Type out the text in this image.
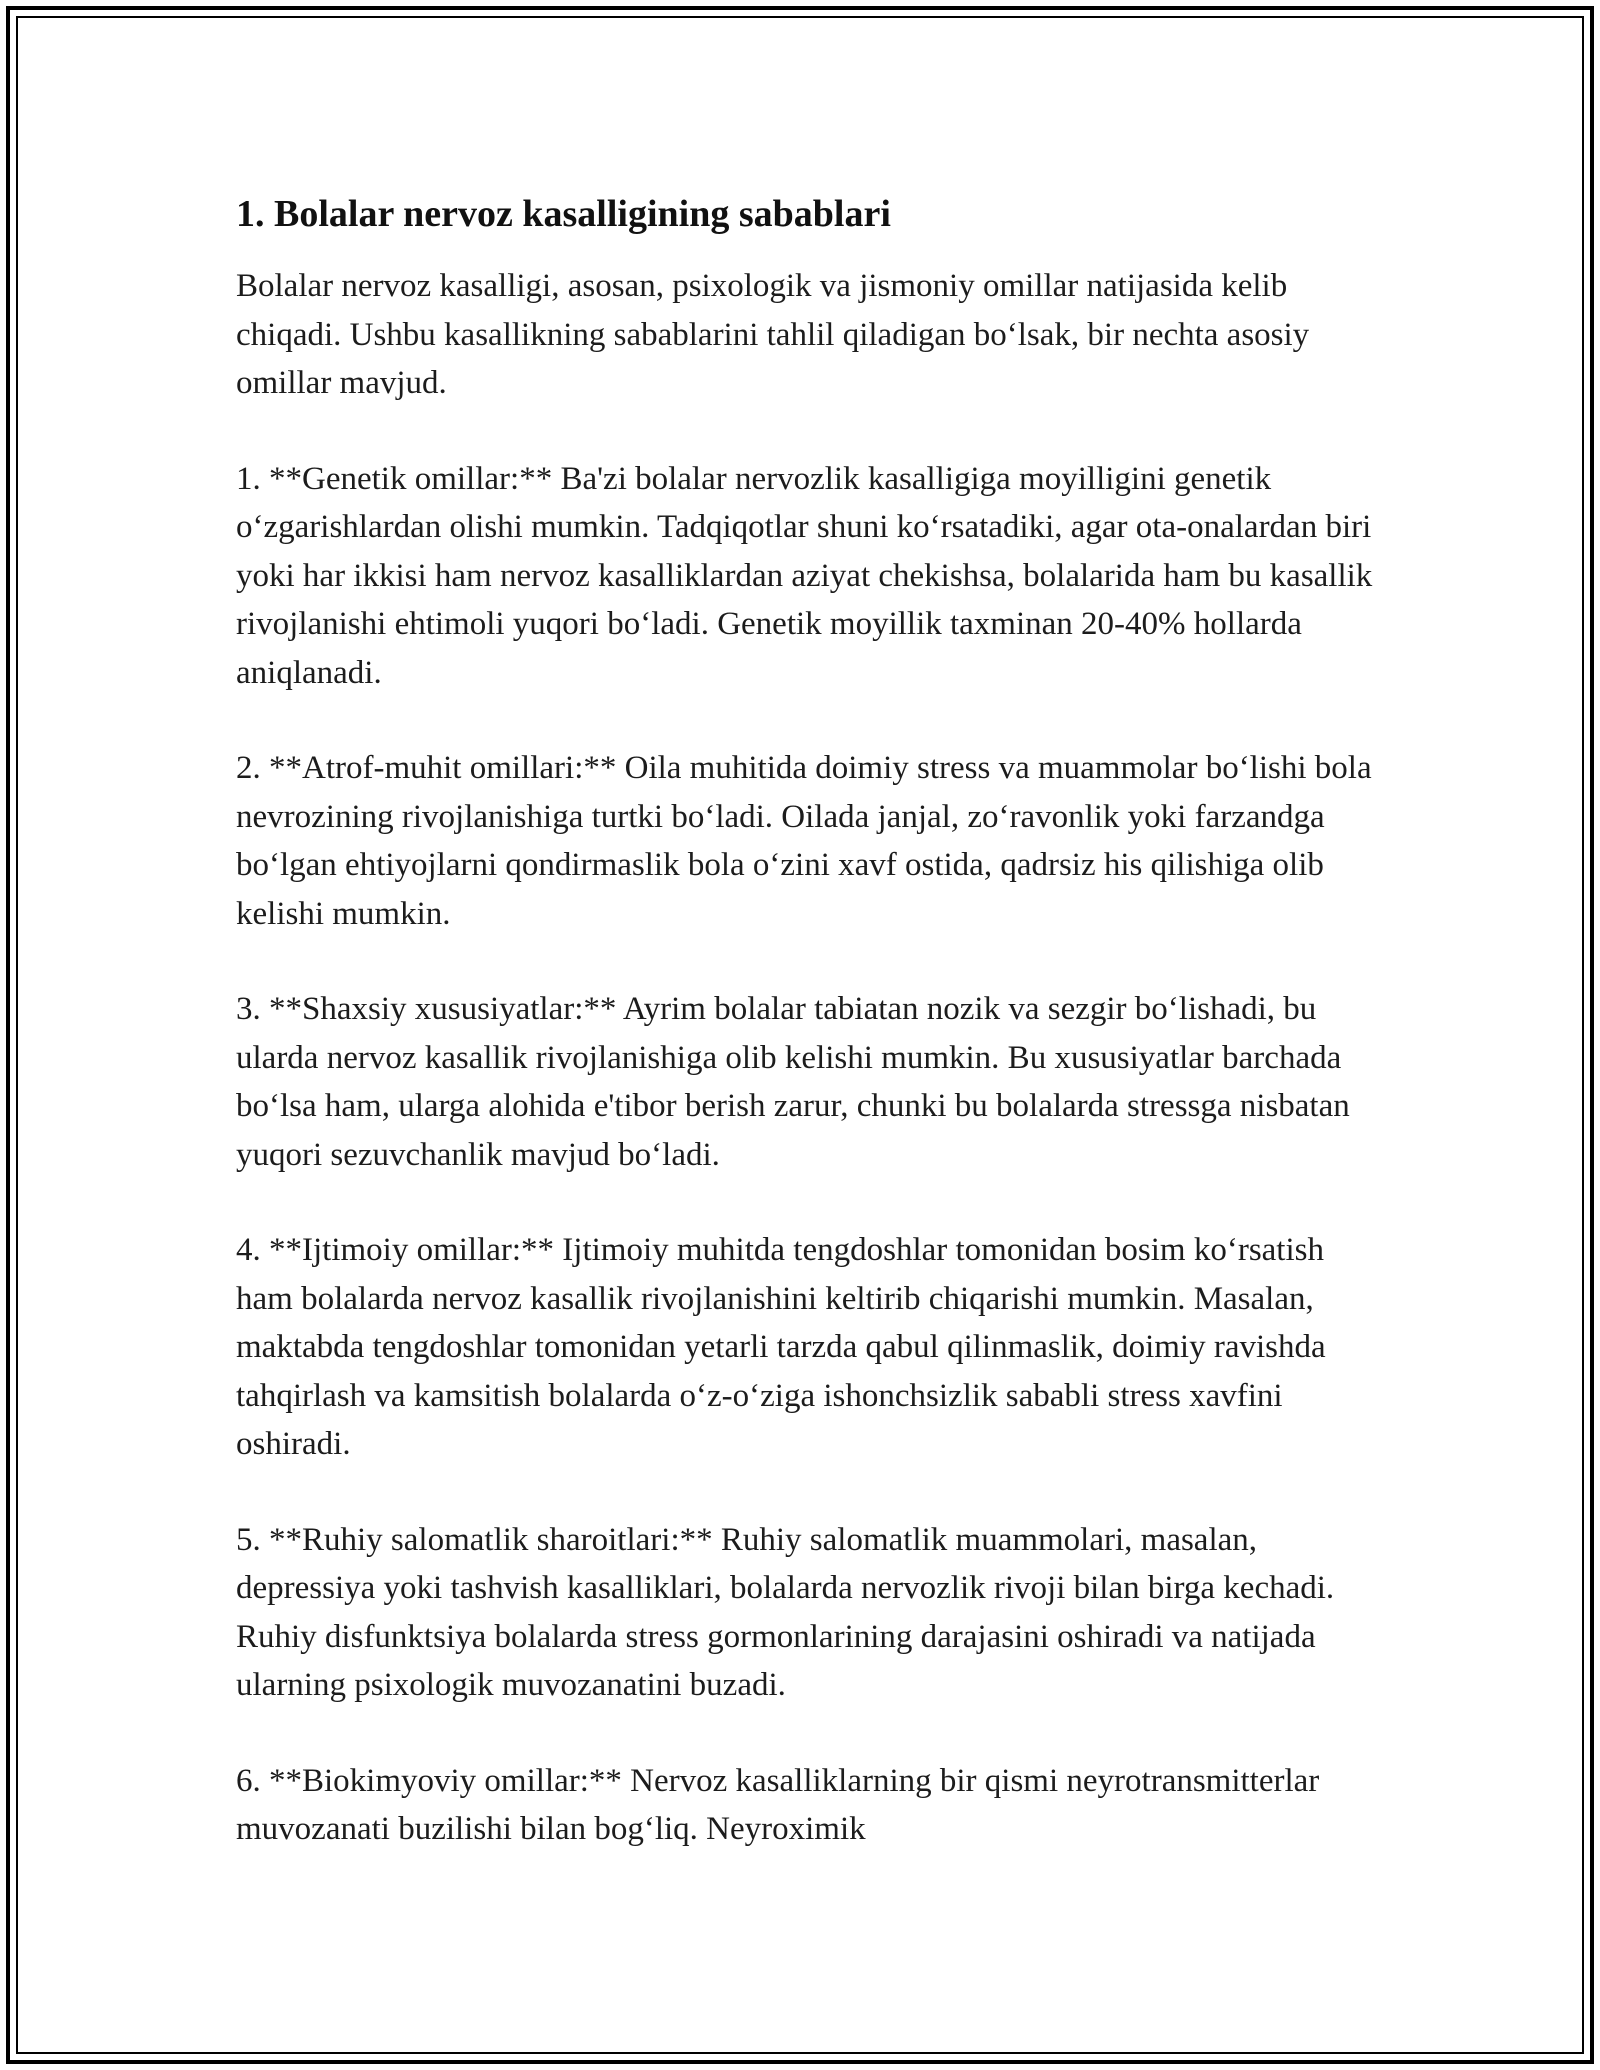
1. Bolalar nervoz kasalligining sabablari

Bolalar nervoz kasalligi, asosan, psixologik va jismoniy omillar natijasida kelib chiqadi. Ushbu kasallikning sabablarini tahlil qiladigan bo‘lsak, bir nechta asosiy omillar mavjud.

1. **Genetik omillar:** Ba'zi bolalar nervozlik kasalligiga moyilligini genetik o‘zgarishlardan olishi mumkin. Tadqiqotlar shuni ko‘rsatadiki, agar ota-onalardan biri yoki har ikkisi ham nervoz kasalliklardan aziyat chekishsa, bolalarida ham bu kasallik rivojlanishi ehtimoli yuqori bo‘ladi. Genetik moyillik taxminan 20-40% hollarda aniqlanadi.

2. **Atrof-muhit omillari:** Oila muhitida doimiy stress va muammolar bo‘lishi bola nevrozining rivojlanishiga turtki bo‘ladi. Oilada janjal, zo‘ravonlik yoki farzandga bo‘lgan ehtiyojlarni qondirmaslik bola o‘zini xavf ostida, qadrsiz his qilishiga olib kelishi mumkin.

3. **Shaxsiy xususiyatlar:** Ayrim bolalar tabiatan nozik va sezgir bo‘lishadi, bu ularda nervoz kasallik rivojlanishiga olib kelishi mumkin. Bu xususiyatlar barchada bo‘lsa ham, ularga alohida e'tibor berish zarur, chunki bu bolalarda stressga nisbatan yuqori sezuvchanlik mavjud bo‘ladi.

4. **Ijtimoiy omillar:** Ijtimoiy muhitda tengdoshlar tomonidan bosim ko‘rsatish ham bolalarda nervoz kasallik rivojlanishini keltirib chiqarishi mumkin. Masalan, maktabda tengdoshlar tomonidan yetarli tarzda qabul qilinmaslik, doimiy ravishda tahqirlash va kamsitish bolalarda o‘z-o‘ziga ishonchsizlik sababli stress xavfini oshiradi.

5. **Ruhiy salomatlik sharoitlari:** Ruhiy salomatlik muammolari, masalan, depressiya yoki tashvish kasalliklari, bolalarda nervozlik rivoji bilan birga kechadi. Ruhiy disfunktsiya bolalarda stress gormonlarining darajasini oshiradi va natijada ularning psixologik muvozanatini buzadi.

6. **Biokimyoviy omillar:** Nervoz kasalliklarning bir qismi neyrotransmitterlar muvozanati buzilishi bilan bog‘liq. Neyroximik
